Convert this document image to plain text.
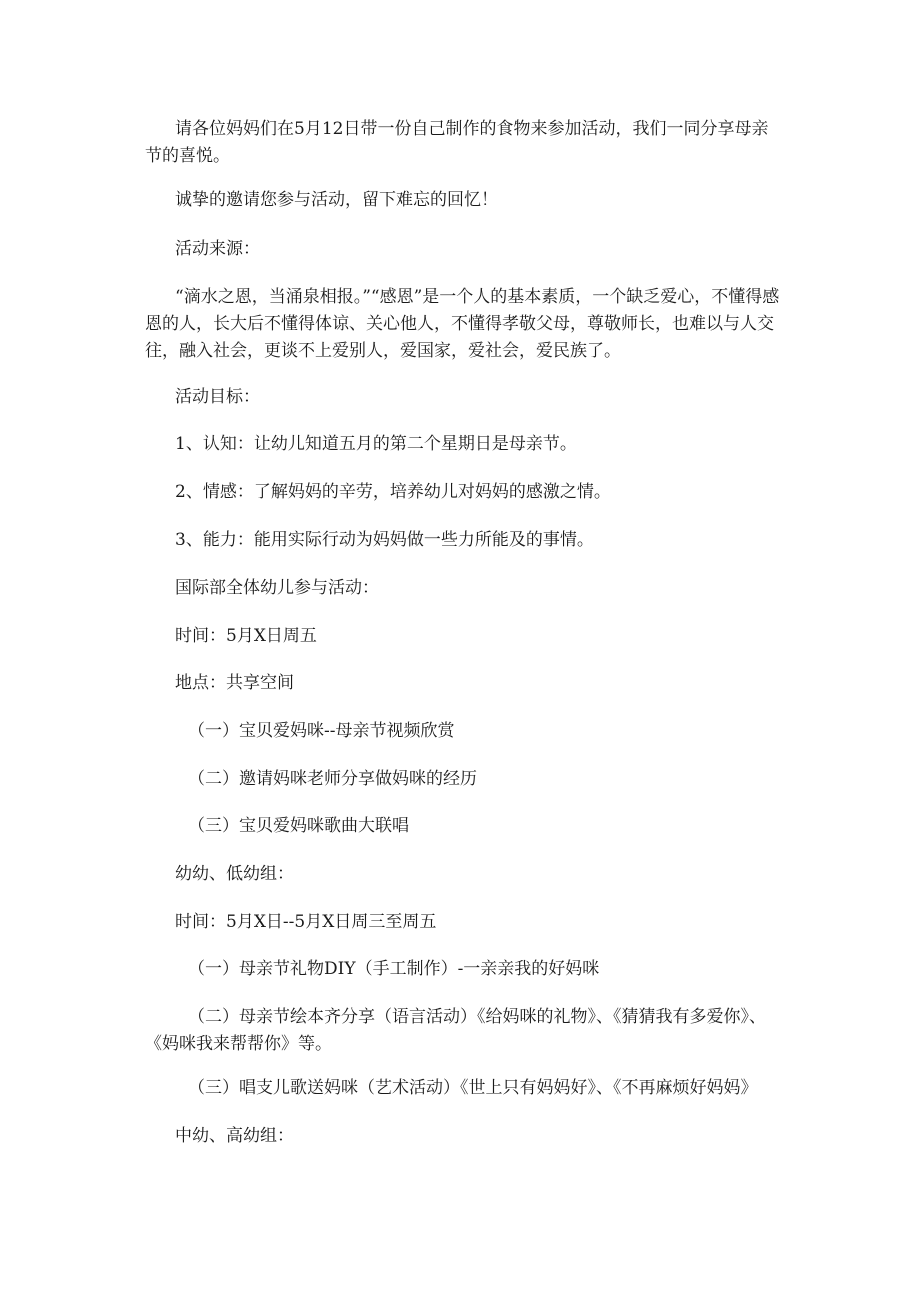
请各位妈妈们在5月12日带一份自己制作的食物来参加活动，我们一同分享母亲节的喜悦。

诚挚的邀请您参与活动，留下难忘的回忆！

活动来源：

“滴水之恩，当涌泉相报。”“感恩”是一个人的基本素质，一个缺乏爱心，不懂得感恩的人，长大后不懂得体谅、关心他人，不懂得孝敬父母，尊敬师长，也难以与人交往，融入社会，更谈不上爱别人，爱国家，爱社会，爱民族了。

活动目标：

1、认知：让幼儿知道五月的第二个星期日是母亲节。

2、情感：了解妈妈的辛劳，培养幼儿对妈妈的感激之情。

3、能力：能用实际行动为妈妈做一些力所能及的事情。

国际部全体幼儿参与活动：

时间：5月X日周五

地点：共享空间

（一）宝贝爱妈咪--母亲节视频欣赏

（二）邀请妈咪老师分享做妈咪的经历

（三）宝贝爱妈咪歌曲大联唱

幼幼、低幼组：

时间：5月X日--5月X日周三至周五

（一）母亲节礼物DIY（手工制作）-一亲亲我的好妈咪

（二）母亲节绘本齐分享（语言活动）《给妈咪的礼物》、《猜猜我有多爱你》、《妈咪我来帮帮你》等。

（三）唱支儿歌送妈咪（艺术活动）《世上只有妈妈好》、《不再麻烦好妈妈》

中幼、高幼组：
